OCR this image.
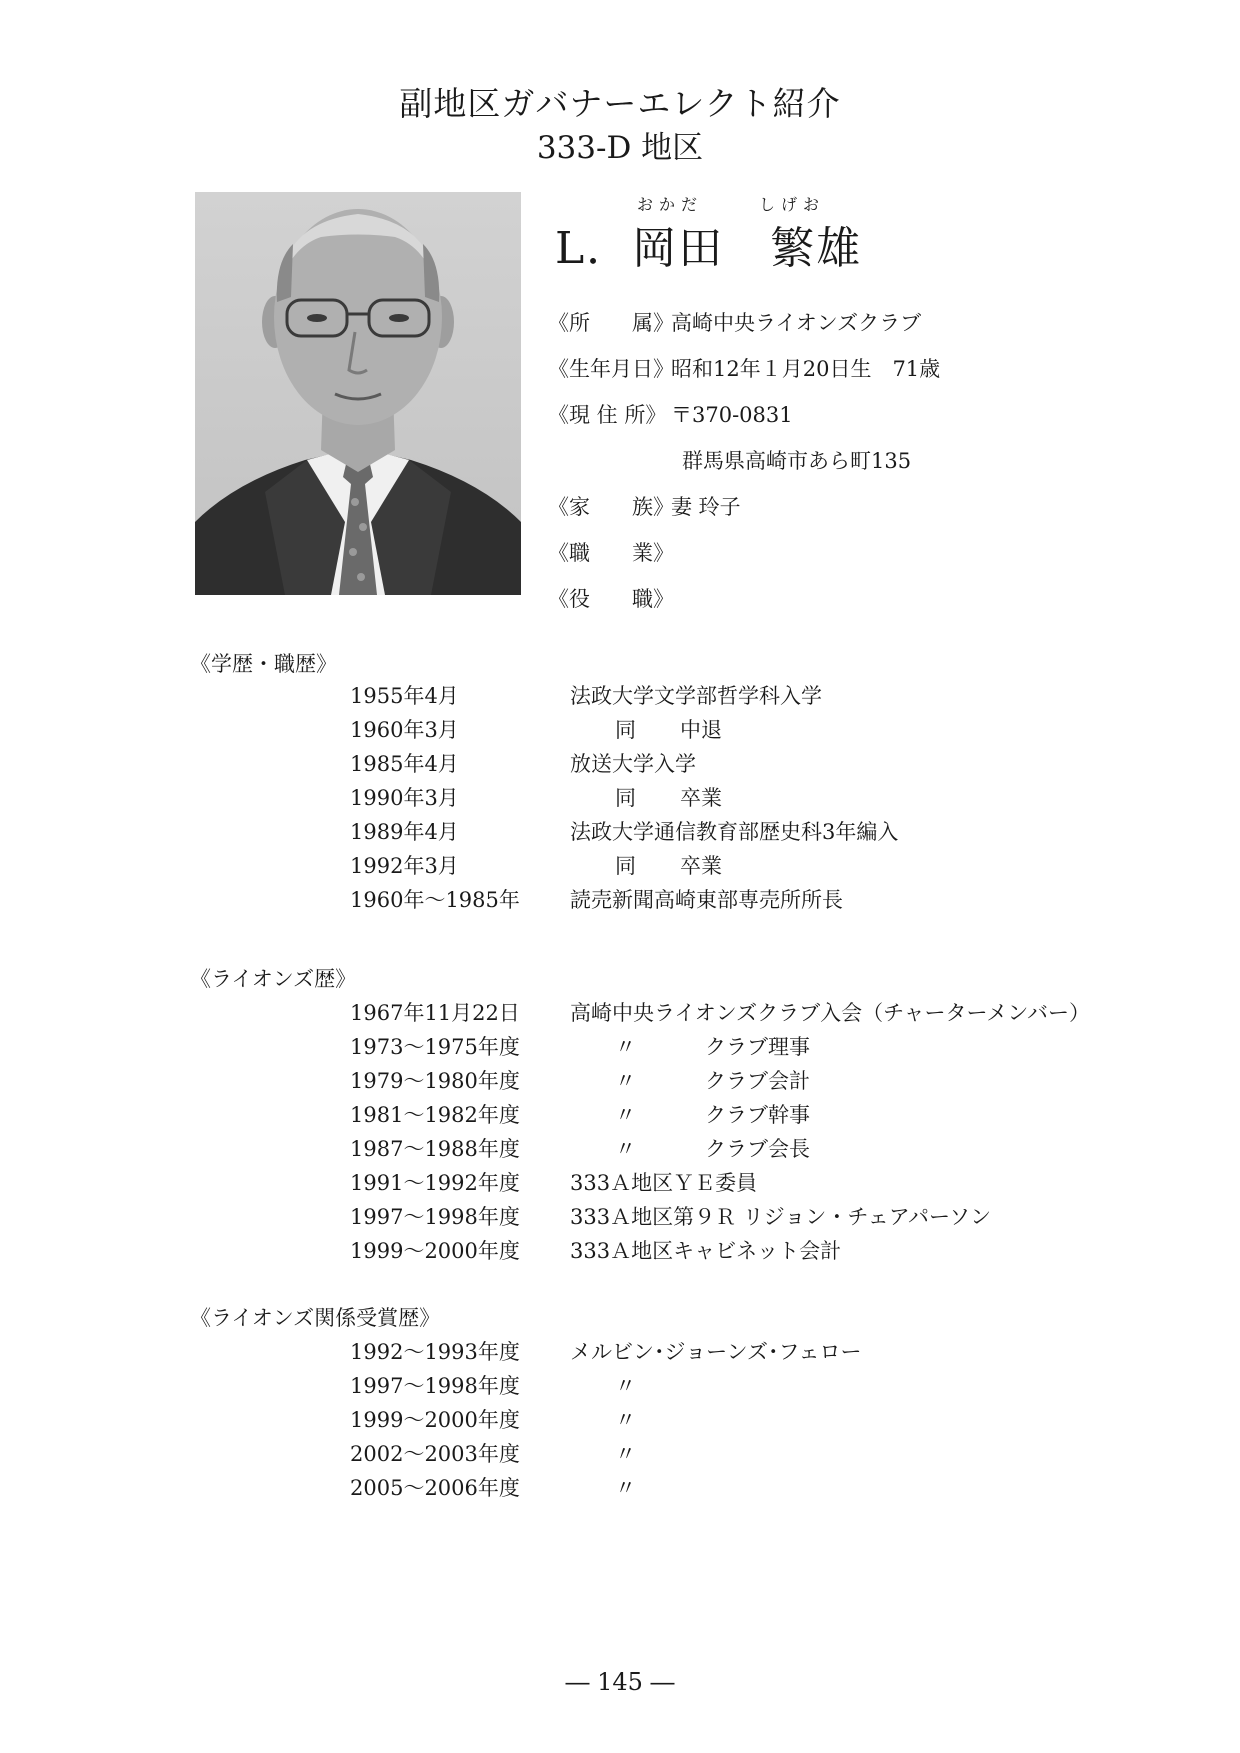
副地区ガバナーエレクト紹介
333-D 地区
おかだ	しげお
L．岡田　繁雄
《所　　属》高崎中央ライオンズクラブ
《生年月日》昭和12年１月20日生　71歳
《現 住 所》 〒370-0831
群馬県高崎市あら町135
《家　　族》妻 玲子
《職　　業》
《役　　職》
《学歴・職歴》
1955年4月	法政大学文学部哲学科入学
1960年3月	同 中退
1985年4月	放送大学入学
1990年3月	同 卒業
1989年4月	法政大学通信教育部歴史科3年編入
1992年3月	同 卒業
1960年～1985年 読売新聞高崎東部専売所所長
《ライオンズ歴》
1967年11月22日 高崎中央ライオンズクラブ入会（チャーターメンバー）
1973～1975年度	〃	クラブ理事
1979～1980年度	〃	クラブ会計
1981～1982年度	〃	クラブ幹事
1987～1988年度	〃	クラブ会長
1991～1992年度 333Ａ地区ＹＥ委員
1997～1998年度 333Ａ地区第９Ｒ リジョン・チェアパーソン
1999～2000年度 333Ａ地区キャビネット会計
《ライオンズ関係受賞歴》
1992～1993年度 メルビン･ジョーンズ･フェロー
1997～1998年度	〃
1999～2000年度	〃
2002～2003年度	〃
2005～2006年度	〃
― 145 ―
